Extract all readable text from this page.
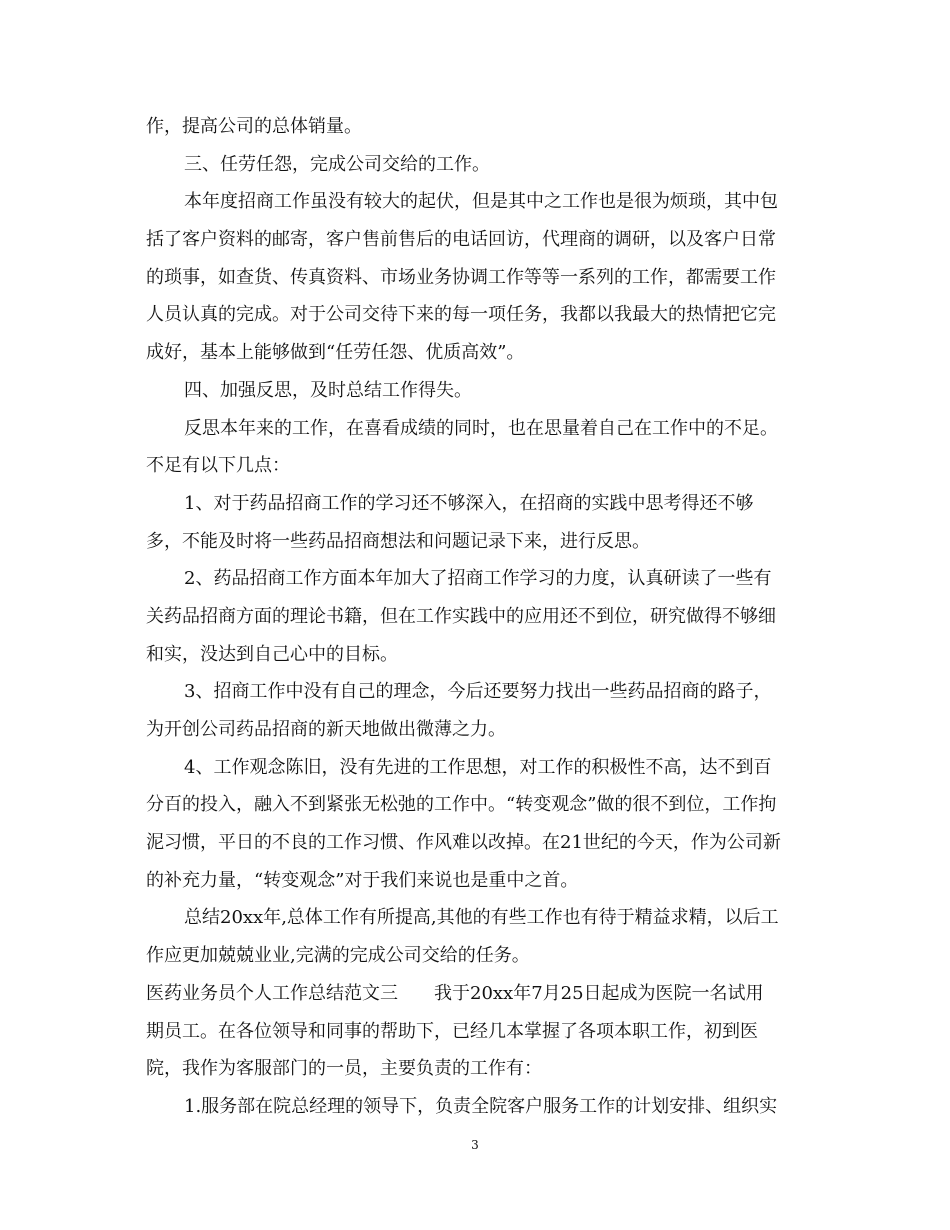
作，提高公司的总体销量。
三、任劳任怨，完成公司交给的工作。
本年度招商工作虽没有较大的起伏，但是其中之工作也是很为烦琐，其中包
括了客户资料的邮寄，客户售前售后的电话回访，代理商的调研，以及客户日常
的琐事，如查货、传真资料、市场业务协调工作等等一系列的工作，都需要工作
人员认真的完成。对于公司交待下来的每一项任务，我都以我最大的热情把它完
成好，基本上能够做到“任劳任怨、优质高效”。
四、加强反思，及时总结工作得失。
反思本年来的工作，在喜看成绩的同时，也在思量着自己在工作中的不足。
不足有以下几点：
1、对于药品招商工作的学习还不够深入，在招商的实践中思考得还不够
多，不能及时将一些药品招商想法和问题记录下来，进行反思。
2、药品招商工作方面本年加大了招商工作学习的力度，认真研读了一些有
关药品招商方面的理论书籍，但在工作实践中的应用还不到位，研究做得不够细
和实，没达到自己心中的目标。
3、招商工作中没有自己的理念，今后还要努力找出一些药品招商的路子，
为开创公司药品招商的新天地做出微薄之力。
4、工作观念陈旧，没有先进的工作思想，对工作的积极性不高，达不到百
分百的投入，融入不到紧张无松弛的工作中。“转变观念”做的很不到位，工作拘
泥习惯，平日的不良的工作习惯、作风难以改掉。在21世纪的今天，作为公司新
的补充力量，“转变观念”对于我们来说也是重中之首。
总结20xx年,总体工作有所提高,其他的有些工作也有待于精益求精，以后工
作应更加兢兢业业,完满的完成公司交给的任务。
医药业务员个人工作总结范文三　　我于20xx年7月25日起成为医院一名试用
期员工。在各位领导和同事的帮助下，已经几本掌握了各项本职工作，初到医
院，我作为客服部门的一员，主要负责的工作有：
1.服务部在院总经理的领导下，负责全院客户服务工作的计划安排、组织实
3
